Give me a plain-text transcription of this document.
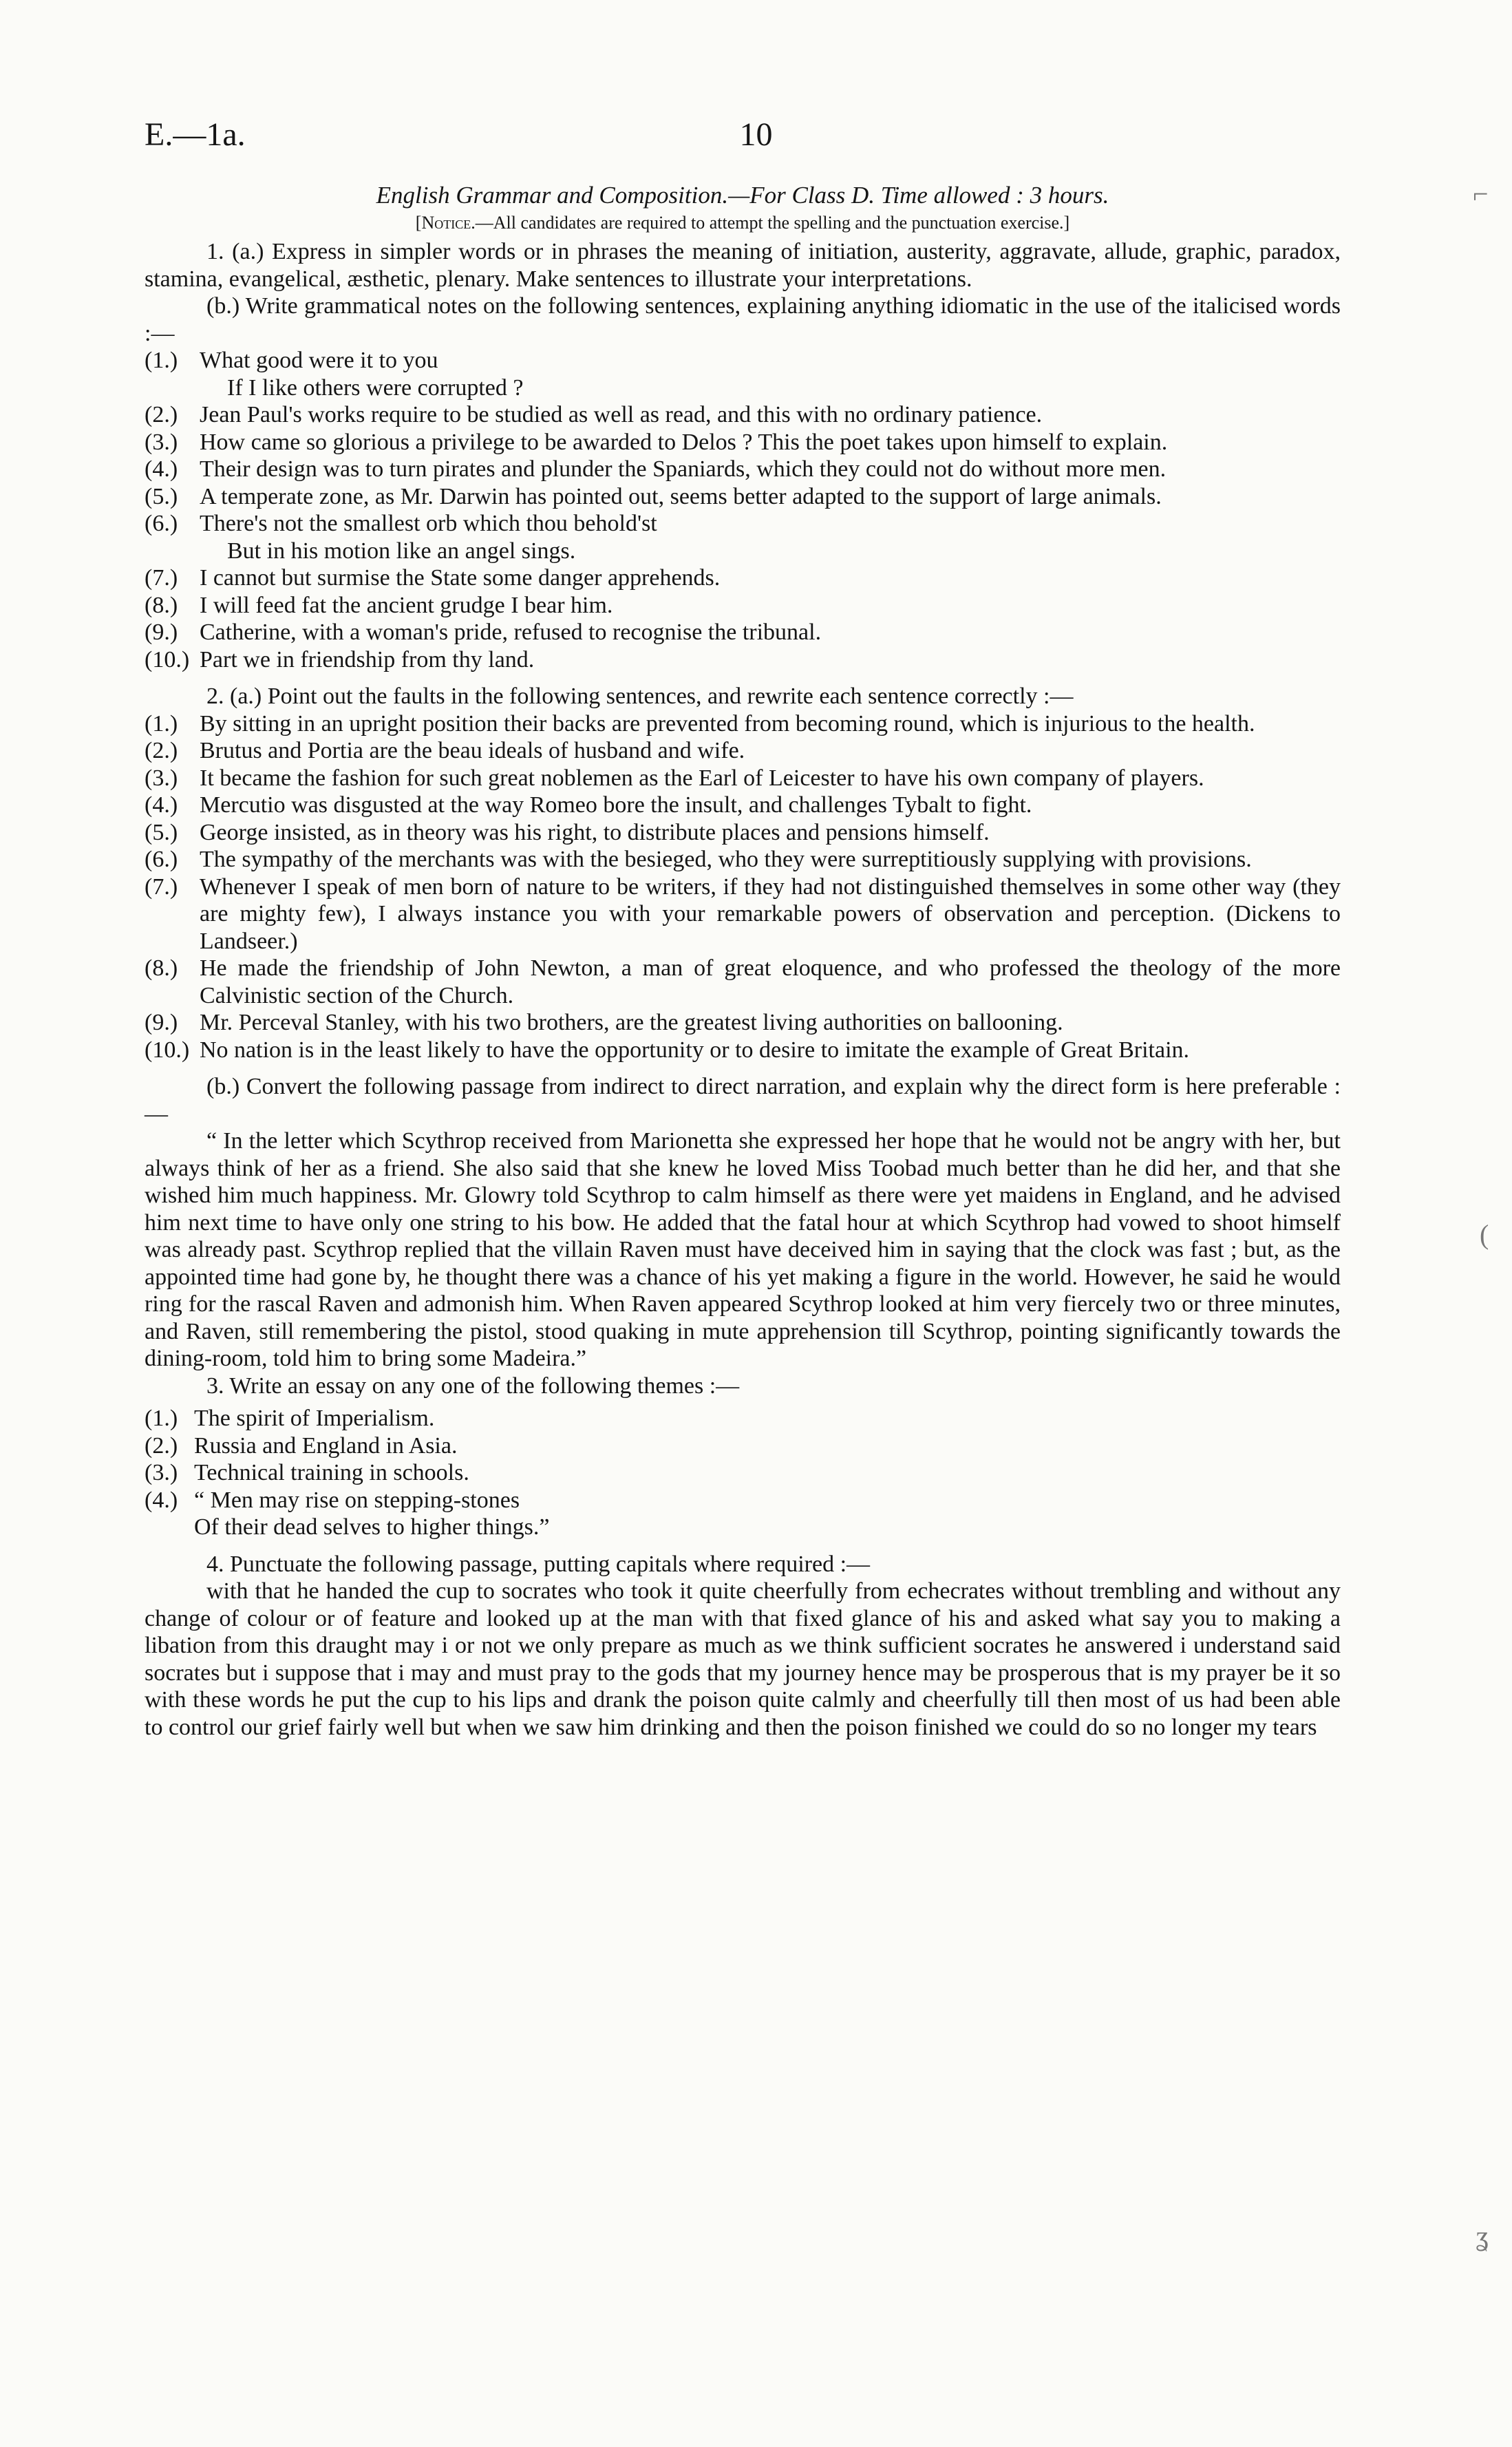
E.—1a.	10

English Grammar and Composition.—For Class D. Time allowed : 3 hours.

[Notice.—All candidates are required to attempt the spelling and the punctuation exercise.]

1. (a.) Express in simpler words or in phrases the meaning of initiation, austerity, aggravate, allude, graphic, paradox, stamina, evangelical, æsthetic, plenary. Make sentences to illustrate your interpretations.

(b.) Write grammatical notes on the following sentences, explaining anything idiomatic in the use of the italicised words :—

(1.) What good were it to you
If I like others were corrupted ?
(2.) Jean Paul's works require to be studied as well as read, and this with no ordinary patience.
(3.) How came so glorious a privilege to be awarded to Delos ? This the poet takes upon himself to explain.
(4.) Their design was to turn pirates and plunder the Spaniards, which they could not do without more men.
(5.) A temperate zone, as Mr. Darwin has pointed out, seems better adapted to the support of large animals.
(6.) There's not the smallest orb which thou behold'st
But in his motion like an angel sings.
(7.) I cannot but surmise the State some danger apprehends.
(8.) I will feed fat the ancient grudge I bear him.
(9.) Catherine, with a woman's pride, refused to recognise the tribunal.
(10.) Part we in friendship from thy land.

2. (a.) Point out the faults in the following sentences, and rewrite each sentence correctly :—

(1.) By sitting in an upright position their backs are prevented from becoming round, which is injurious to the health.
(2.) Brutus and Portia are the beau ideals of husband and wife.
(3.) It became the fashion for such great noblemen as the Earl of Leicester to have his own company of players.
(4.) Mercutio was disgusted at the way Romeo bore the insult, and challenges Tybalt to fight.
(5.) George insisted, as in theory was his right, to distribute places and pensions himself.
(6.) The sympathy of the merchants was with the besieged, who they were surreptitiously supplying with provisions.
(7.) Whenever I speak of men born of nature to be writers, if they had not distinguished themselves in some other way (they are mighty few), I always instance you with your remarkable powers of observation and perception. (Dickens to Landseer.)
(8.) He made the friendship of John Newton, a man of great eloquence, and who professed the theology of the more Calvinistic section of the Church.
(9.) Mr. Perceval Stanley, with his two brothers, are the greatest living authorities on ballooning.
(10.) No nation is in the least likely to have the opportunity or to desire to imitate the example of Great Britain.

(b.) Convert the following passage from indirect to direct narration, and explain why the direct form is here preferable :—

“ In the letter which Scythrop received from Marionetta she expressed her hope that he would not be angry with her, but always think of her as a friend. She also said that she knew he loved Miss Toobad much better than he did her, and that she wished him much happiness. Mr. Glowry told Scythrop to calm himself as there were yet maidens in England, and he advised him next time to have only one string to his bow. He added that the fatal hour at which Scythrop had vowed to shoot himself was already past. Scythrop replied that the villain Raven must have deceived him in saying that the clock was fast ; but, as the appointed time had gone by, he thought there was a chance of his yet making a figure in the world. However, he said he would ring for the rascal Raven and admonish him. When Raven appeared Scythrop looked at him very fiercely two or three minutes, and Raven, still remembering the pistol, stood quaking in mute apprehension till Scythrop, pointing significantly towards the dining-room, told him to bring some Madeira.”

3. Write an essay on any one of the following themes :—

(1.) The spirit of Imperialism.
(2.) Russia and England in Asia.
(3.) Technical training in schools.
(4.) “ Men may rise on stepping-stones
Of their dead selves to higher things.”

4. Punctuate the following passage, putting capitals where required :—

with that he handed the cup to socrates who took it quite cheerfully from echecrates without trembling and without any change of colour or of feature and looked up at the man with that fixed glance of his and asked what say you to making a libation from this draught may i or not we only prepare as much as we think sufficient socrates he answered i understand said socrates but i suppose that i may and must pray to the gods that my journey hence may be prosperous that is my prayer be it so with these words he put the cup to his lips and drank the poison quite calmly and cheerfully till then most of us had been able to control our grief fairly well but when we saw him drinking and then the poison finished we could do so no longer my tears

⌐
(
ʓ
